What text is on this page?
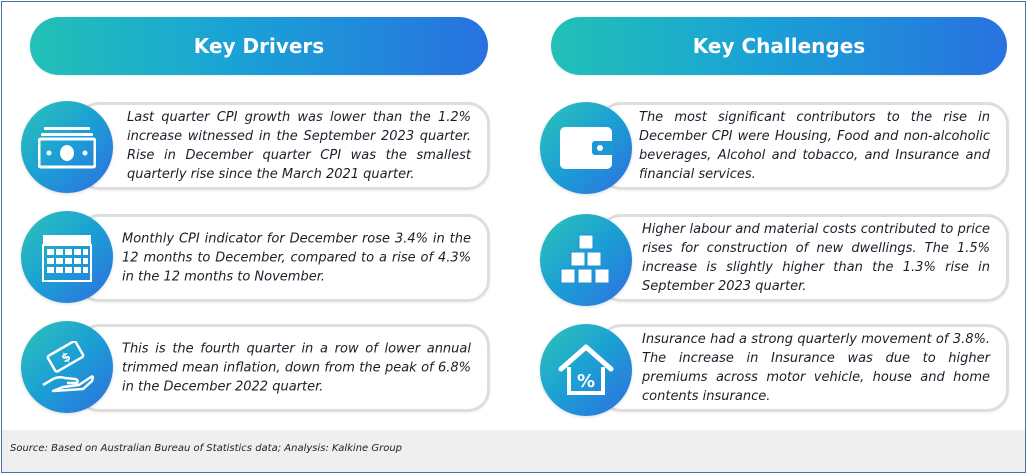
Key Drivers	Key Challenges
Last quarter CPI growth was lower than the 1.2% increase witnessed in the September 2023 quarter. Rise in December quarter CPI was the smallest quarterly rise since the March 2021 quarter.
Monthly CPI indicator for December rose 3.4% in the 12 months to December, compared to a rise of 4.3% in the 12 months to November.
This is the fourth quarter in a row of lower annual trimmed mean inflation, down from the peak of 6.8% in the December 2022 quarter.
$
The most significant contributors to the rise in December CPI were Housing, Food and non-alcoholic beverages, Alcohol and tobacco, and Insurance and financial services.
Higher labour and material costs contributed to price rises for construction of new dwellings. The 1.5% increase is slightly higher than the 1.3% rise in September 2023 quarter.
Insurance had a strong quarterly movement of 3.8%. The increase in Insurance was due to higher premiums across motor vehicle, house and home contents insurance.
%
Source: Based on Australian Bureau of Statistics data; Analysis: Kalkine Group
